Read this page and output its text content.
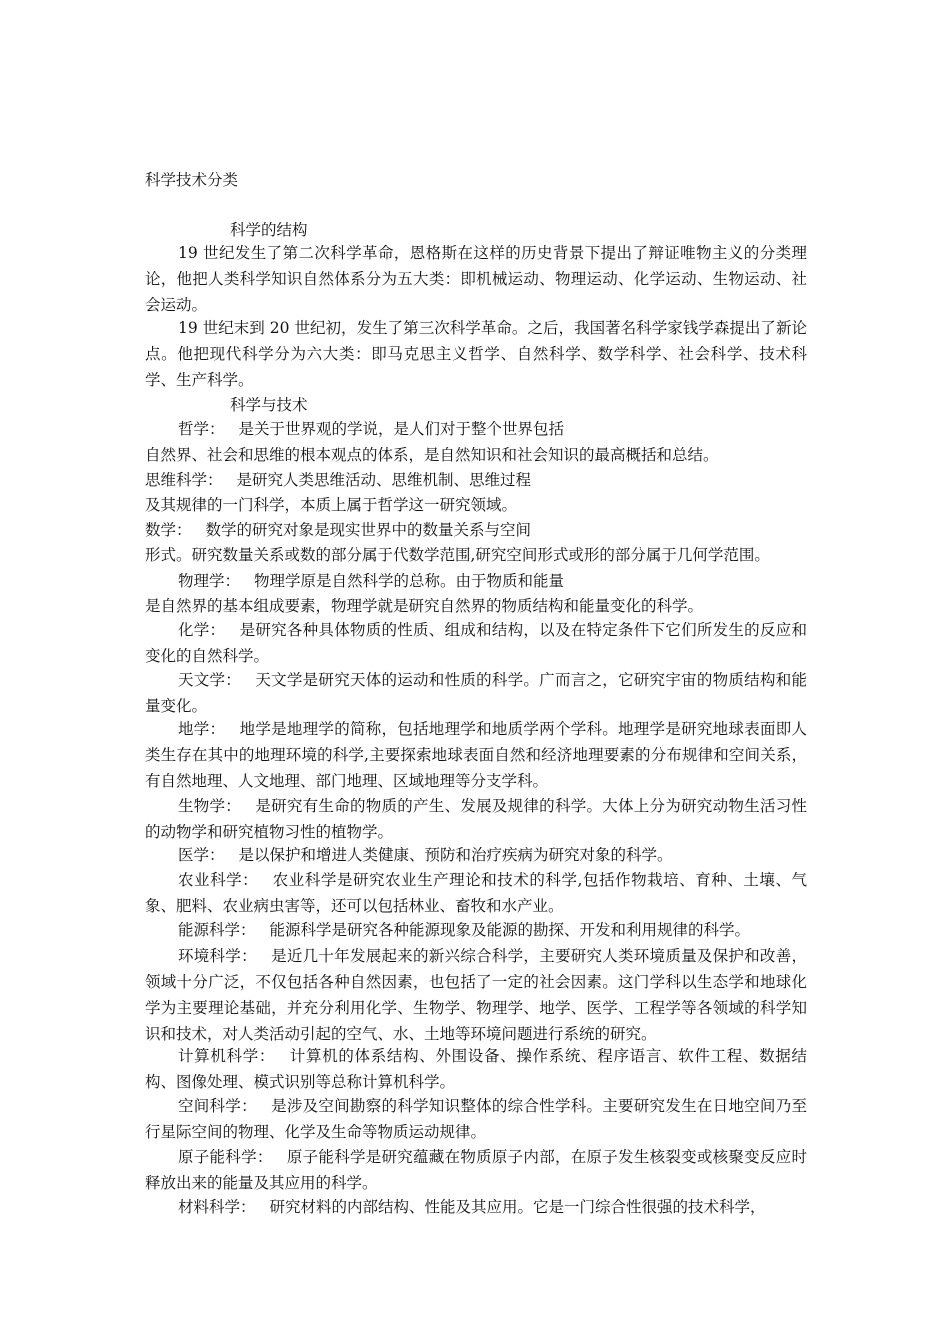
科学技术分类
科学的结构
19 世纪发生了第二次科学革命，恩格斯在这样的历史背景下提出了辩证唯物主义的分类理论，他把人类科学知识自然体系分为五大类：即机械运动、物理运动、化学运动、生物运动、社会运动。
19 世纪末到 20 世纪初，发生了第三次科学革命。之后，我国著名科学家钱学森提出了新论点。他把现代科学分为六大类：即马克思主义哲学、自然科学、数学科学、社会科学、技术科学、生产科学。
科学与技术
哲学： 是关于世界观的学说，是人们对于整个世界包括
自然界、社会和思维的根本观点的体系，是自然知识和社会知识的最高概括和总结。
思维科学： 是研究人类思维活动、思维机制、思维过程
及其规律的一门科学，本质上属于哲学这一研究领域。
数学： 数学的研究对象是现实世界中的数量关系与空间
形式。研究数量关系或数的部分属于代数学范围,研究空间形式或形的部分属于几何学范围。
物理学： 物理学原是自然科学的总称。由于物质和能量
是自然界的基本组成要素，物理学就是研究自然界的物质结构和能量变化的科学。
化学： 是研究各种具体物质的性质、组成和结构，以及在特定条件下它们所发生的反应和变化的自然科学。
天文学： 天文学是研究天体的运动和性质的科学。广而言之，它研究宇宙的物质结构和能量变化。
地学： 地学是地理学的简称，包括地理学和地质学两个学科。地理学是研究地球表面即人类生存在其中的地理环境的科学,主要探索地球表面自然和经济地理要素的分布规律和空间关系，有自然地理、人文地理、部门地理、区域地理等分支学科。
生物学： 是研究有生命的物质的产生、发展及规律的科学。大体上分为研究动物生活习性的动物学和研究植物习性的植物学。
医学： 是以保护和增进人类健康、预防和治疗疾病为研究对象的科学。
农业科学： 农业科学是研究农业生产理论和技术的科学,包括作物栽培、育种、土壤、气象、肥料、农业病虫害等，还可以包括林业、畜牧和水产业。
能源科学： 能源科学是研究各种能源现象及能源的勘探、开发和利用规律的科学。
环境科学： 是近几十年发展起来的新兴综合科学，主要研究人类环境质量及保护和改善，领域十分广泛，不仅包括各种自然因素，也包括了一定的社会因素。这门学科以生态学和地球化学为主要理论基础，并充分利用化学、生物学、物理学、地学、医学、工程学等各领域的科学知识和技术，对人类活动引起的空气、水、土地等环境问题进行系统的研究。
计算机科学： 计算机的体系结构、外围设备、操作系统、程序语言、软件工程、数据结构、图像处理、模式识别等总称计算机科学。
空间科学： 是涉及空间勘察的科学知识整体的综合性学科。主要研究发生在日地空间乃至行星际空间的物理、化学及生命等物质运动规律。
原子能科学： 原子能科学是研究蕴藏在物质原子内部，在原子发生核裂变或核聚变反应时释放出来的能量及其应用的科学。
材料科学： 研究材料的内部结构、性能及其应用。它是一门综合性很强的技术科学，
